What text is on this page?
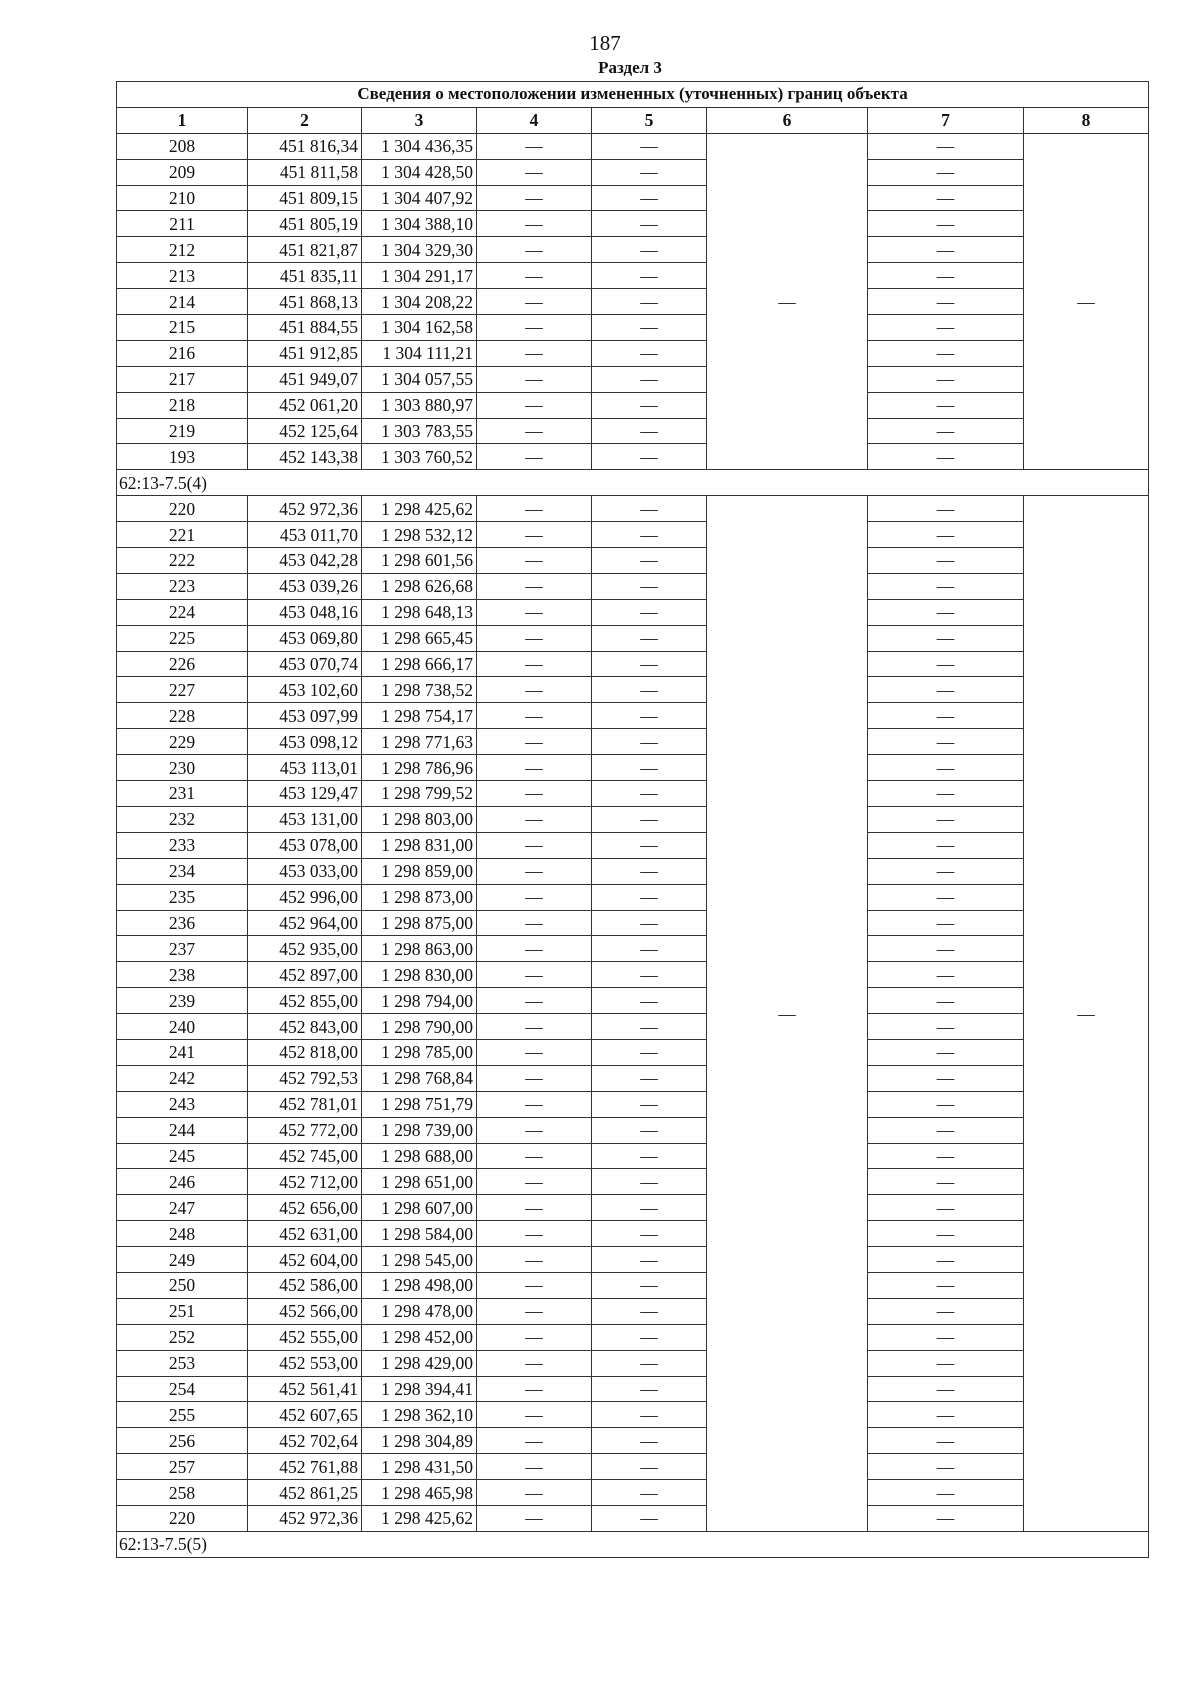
187
Раздел 3
Сведения о местоположении измененных (уточненных) границ объекта							
1	2	3	4	5	6	7	8
208	451 816,34	1 304 436,35	—	—	—	—	—
209	451 811,58	1 304 428,50	—	—		—	
210	451 809,15	1 304 407,92	—	—		—	
211	451 805,19	1 304 388,10	—	—		—	
212	451 821,87	1 304 329,30	—	—		—	
213	451 835,11	1 304 291,17	—	—		—	
214	451 868,13	1 304 208,22	—	—		—	
215	451 884,55	1 304 162,58	—	—		—	
216	451 912,85	1 304 111,21	—	—		—	
217	451 949,07	1 304 057,55	—	—		—	
218	452 061,20	1 303 880,97	—	—		—	
219	452 125,64	1 303 783,55	—	—		—	
193	452 143,38	1 303 760,52	—	—		—	
62:13-7.5(4)							
220	452 972,36	1 298 425,62	—	—	—	—	—
221	453 011,70	1 298 532,12	—	—		—	
222	453 042,28	1 298 601,56	—	—		—	
223	453 039,26	1 298 626,68	—	—		—	
224	453 048,16	1 298 648,13	—	—		—	
225	453 069,80	1 298 665,45	—	—		—	
226	453 070,74	1 298 666,17	—	—		—	
227	453 102,60	1 298 738,52	—	—		—	
228	453 097,99	1 298 754,17	—	—		—	
229	453 098,12	1 298 771,63	—	—		—	
230	453 113,01	1 298 786,96	—	—		—	
231	453 129,47	1 298 799,52	—	—		—	
232	453 131,00	1 298 803,00	—	—		—	
233	453 078,00	1 298 831,00	—	—		—	
234	453 033,00	1 298 859,00	—	—		—	
235	452 996,00	1 298 873,00	—	—		—	
236	452 964,00	1 298 875,00	—	—		—	
237	452 935,00	1 298 863,00	—	—		—	
238	452 897,00	1 298 830,00	—	—		—	
239	452 855,00	1 298 794,00	—	—		—	
240	452 843,00	1 298 790,00	—	—		—	
241	452 818,00	1 298 785,00	—	—		—	
242	452 792,53	1 298 768,84	—	—		—	
243	452 781,01	1 298 751,79	—	—		—	
244	452 772,00	1 298 739,00	—	—		—	
245	452 745,00	1 298 688,00	—	—		—	
246	452 712,00	1 298 651,00	—	—		—	
247	452 656,00	1 298 607,00	—	—		—	
248	452 631,00	1 298 584,00	—	—		—	
249	452 604,00	1 298 545,00	—	—		—	
250	452 586,00	1 298 498,00	—	—		—	
251	452 566,00	1 298 478,00	—	—		—	
252	452 555,00	1 298 452,00	—	—		—	
253	452 553,00	1 298 429,00	—	—		—	
254	452 561,41	1 298 394,41	—	—		—	
255	452 607,65	1 298 362,10	—	—		—	
256	452 702,64	1 298 304,89	—	—		—	
257	452 761,88	1 298 431,50	—	—		—	
258	452 861,25	1 298 465,98	—	—		—	
220	452 972,36	1 298 425,62	—	—		—	
62:13-7.5(5)							
